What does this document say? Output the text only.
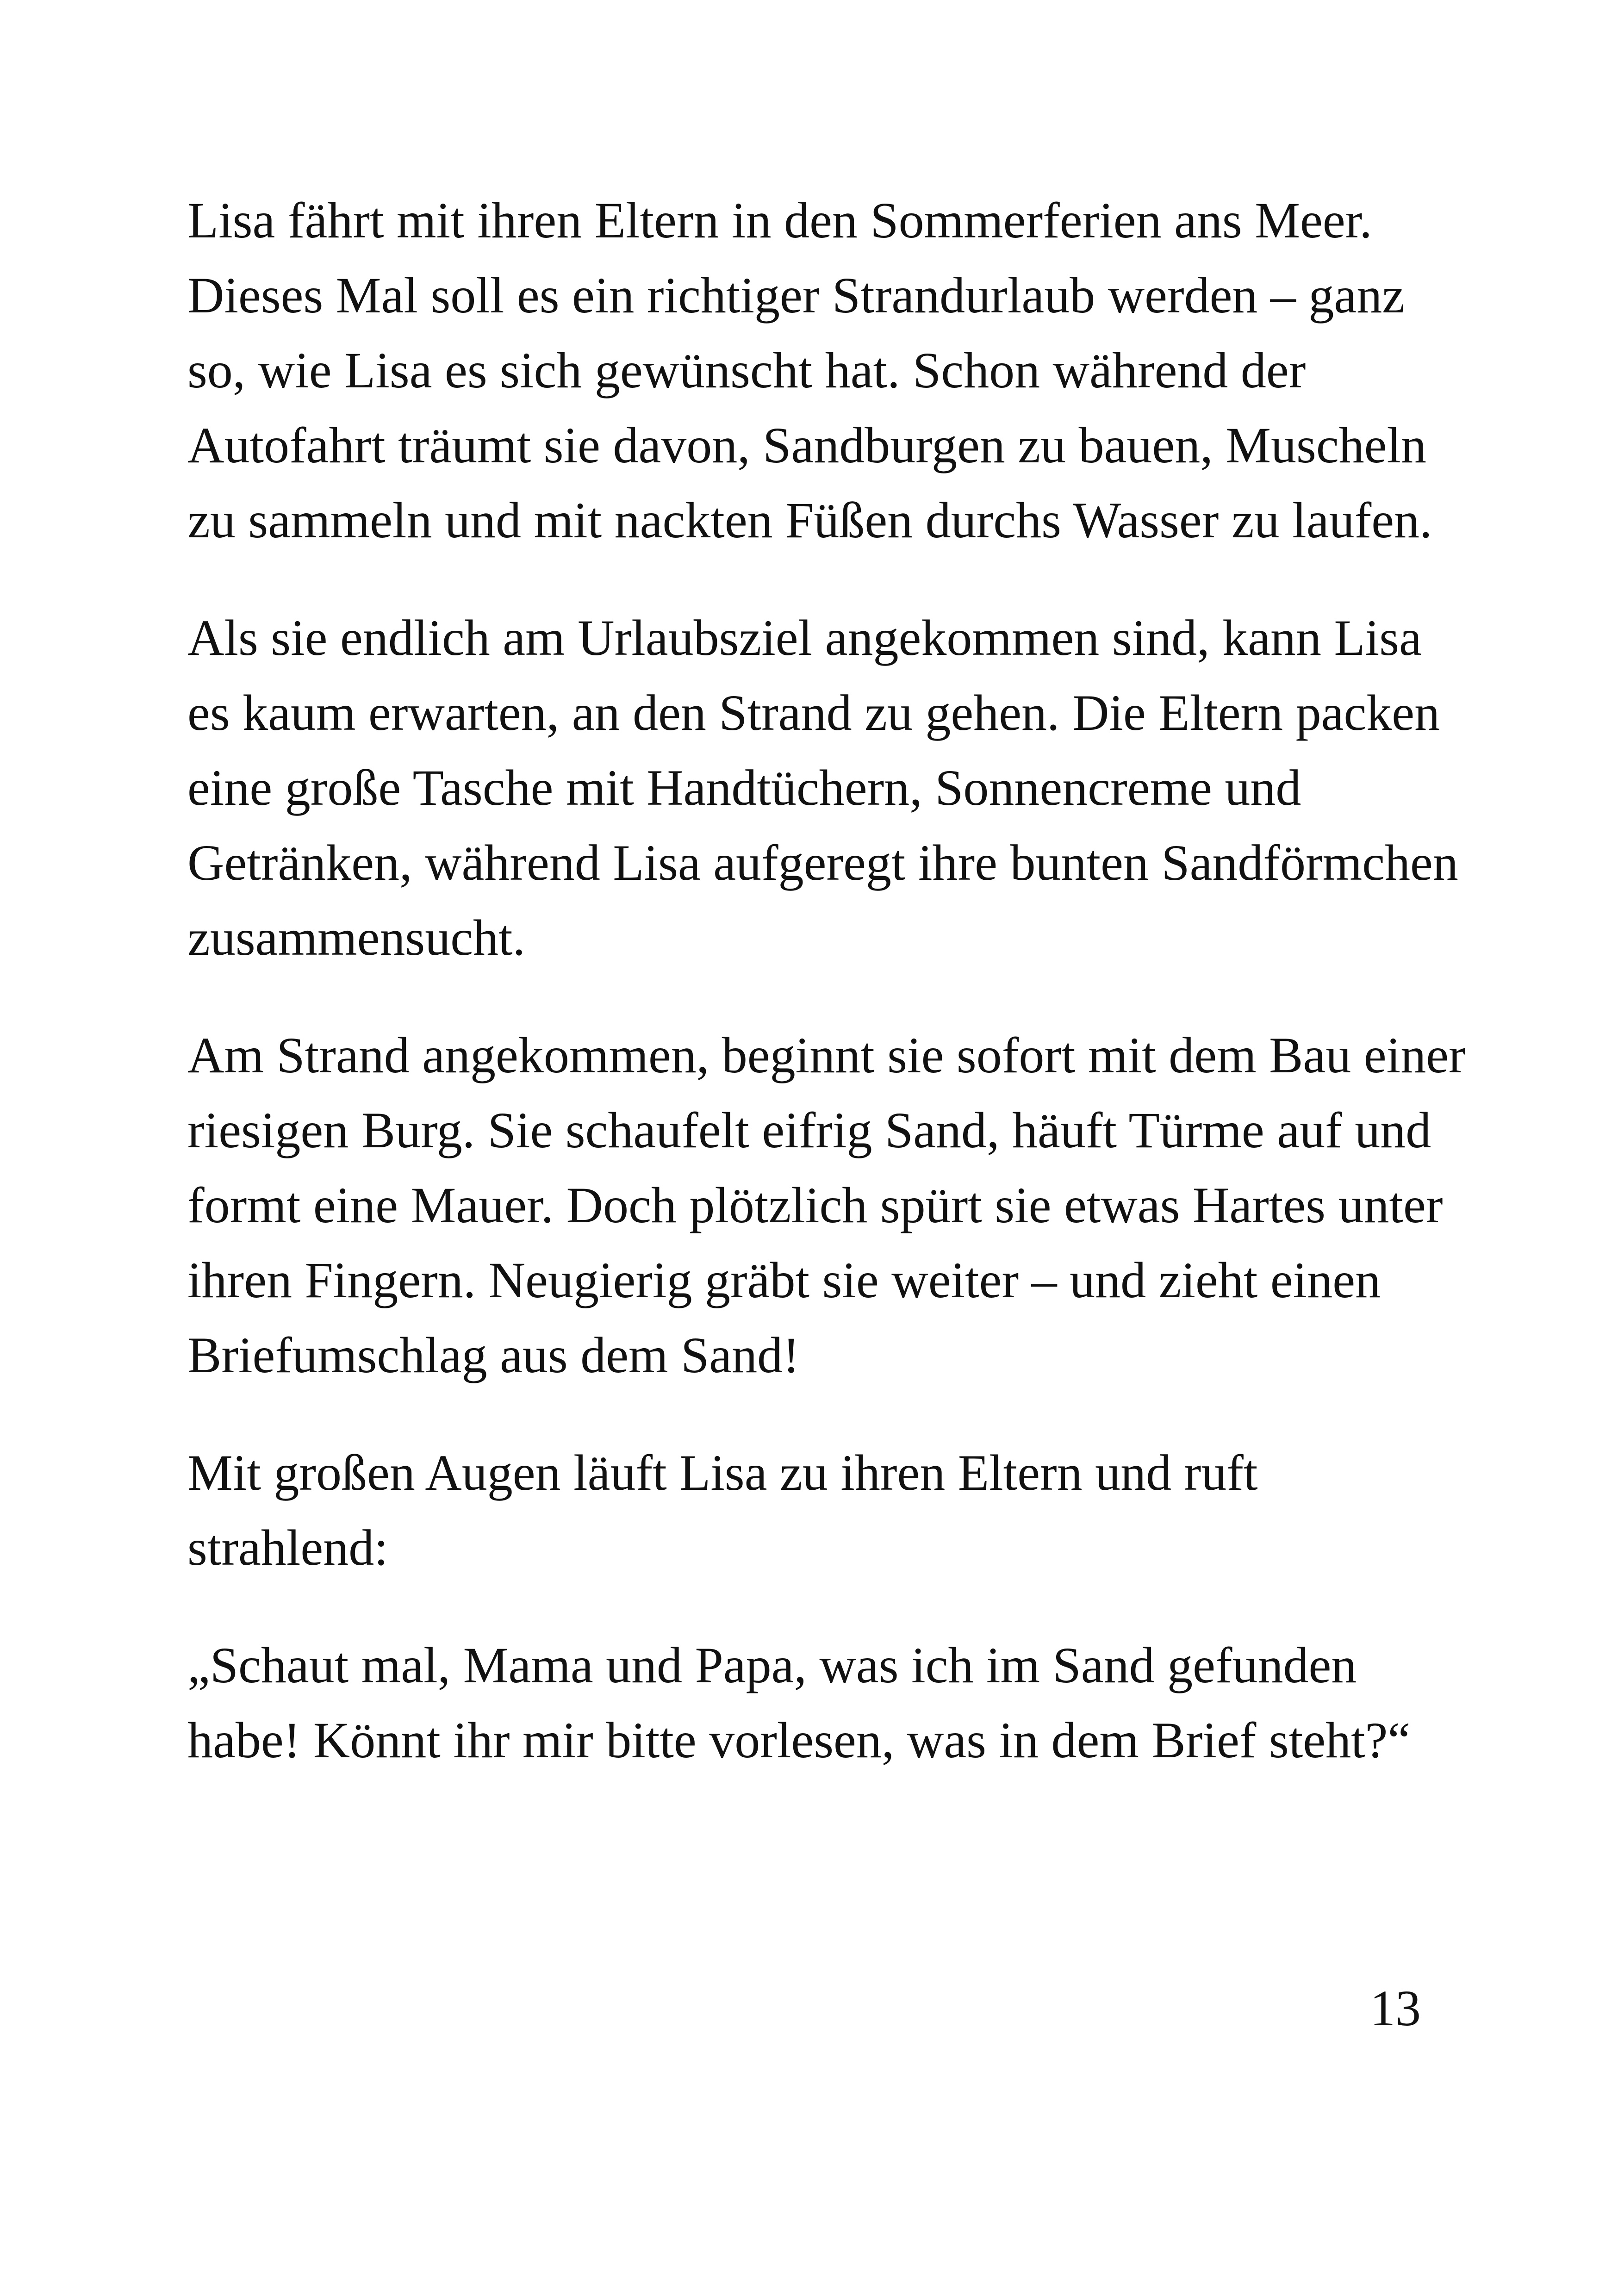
Lisa fährt mit ihren Eltern in den Sommerferien ans Meer.
Dieses Mal soll es ein richtiger Strandurlaub werden – ganz
so, wie Lisa es sich gewünscht hat. Schon während der
Autofahrt träumt sie davon, Sandburgen zu bauen, Muscheln
zu sammeln und mit nackten Füßen durchs Wasser zu laufen.

Als sie endlich am Urlaubsziel angekommen sind, kann Lisa
es kaum erwarten, an den Strand zu gehen. Die Eltern packen
eine große Tasche mit Handtüchern, Sonnencreme und
Getränken, während Lisa aufgeregt ihre bunten Sandförmchen
zusammensucht.

Am Strand angekommen, beginnt sie sofort mit dem Bau einer
riesigen Burg. Sie schaufelt eifrig Sand, häuft Türme auf und
formt eine Mauer. Doch plötzlich spürt sie etwas Hartes unter
ihren Fingern. Neugierig gräbt sie weiter – und zieht einen
Briefumschlag aus dem Sand!

Mit großen Augen läuft Lisa zu ihren Eltern und ruft
strahlend:

„Schaut mal, Mama und Papa, was ich im Sand gefunden
habe! Könnt ihr mir bitte vorlesen, was in dem Brief steht?“

13
